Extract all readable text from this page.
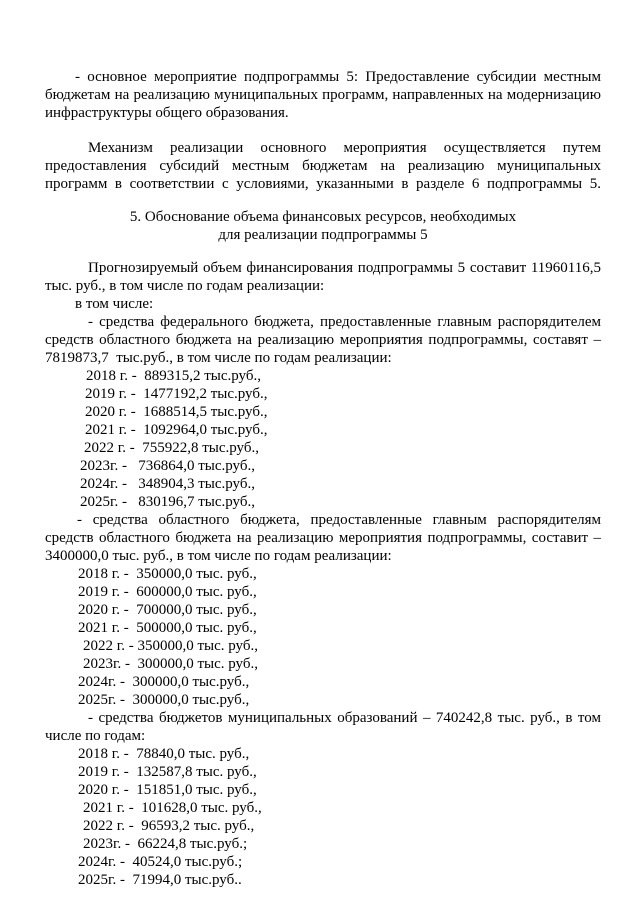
- основное мероприятие подпрограммы 5: Предоставление субсидии местным
бюджетам на реализацию муниципальных программ, направленных на модернизацию
инфраструктуры общего образования.
Механизм реализации основного мероприятия осуществляется путем
предоставления субсидий местным бюджетам на реализацию муниципальных
программ в соответствии с условиями, указанными в разделе 6 подпрограммы 5.
5. Обоснование объема финансовых ресурсов, необходимых
для реализации подпрограммы 5
Прогнозируемый объем финансирования подпрограммы 5 составит 11960116,5
тыс. руб., в том числе по годам реализации:
в том числе:
- средства федерального бюджета, предоставленные главным распорядителем
средств областного бюджета на реализацию мероприятия подпрограммы, составят –
7819873,7  тыс.руб., в том числе по годам реализации:
2018 г. -  889315,2 тыс.руб.,
2019 г. -  1477192,2 тыс.руб.,
2020 г. -  1688514,5 тыс.руб.,
2021 г. -  1092964,0 тыс.руб.,
2022 г. -  755922,8 тыс.руб.,
2023г. -   736864,0 тыс.руб.,
2024г. -   348904,3 тыс.руб.,
2025г. -   830196,7 тыс.руб.,
- средства областного бюджета, предоставленные главным распорядителям
средств областного бюджета на реализацию мероприятия подпрограммы, составит –
3400000,0 тыс. руб., в том числе по годам реализации:
2018 г. -  350000,0 тыс. руб.,
2019 г. -  600000,0 тыс. руб.,
2020 г. -  700000,0 тыс. руб.,
2021 г. -  500000,0 тыс. руб.,
2022 г. - 350000,0 тыс. руб.,
2023г. -  300000,0 тыс. руб.,
2024г. -  300000,0 тыс.руб.,
2025г. -  300000,0 тыс.руб.,
- средства бюджетов муниципальных образований – 740242,8 тыс. руб., в том
числе по годам:
2018 г. -  78840,0 тыс. руб.,
2019 г. -  132587,8 тыс. руб.,
2020 г. -  151851,0 тыс. руб.,
2021 г. -  101628,0 тыс. руб.,
2022 г. -  96593,2 тыс. руб.,
2023г. -  66224,8 тыс.руб.;
2024г. -  40524,0 тыс.руб.;
2025г. -  71994,0 тыс.руб..
